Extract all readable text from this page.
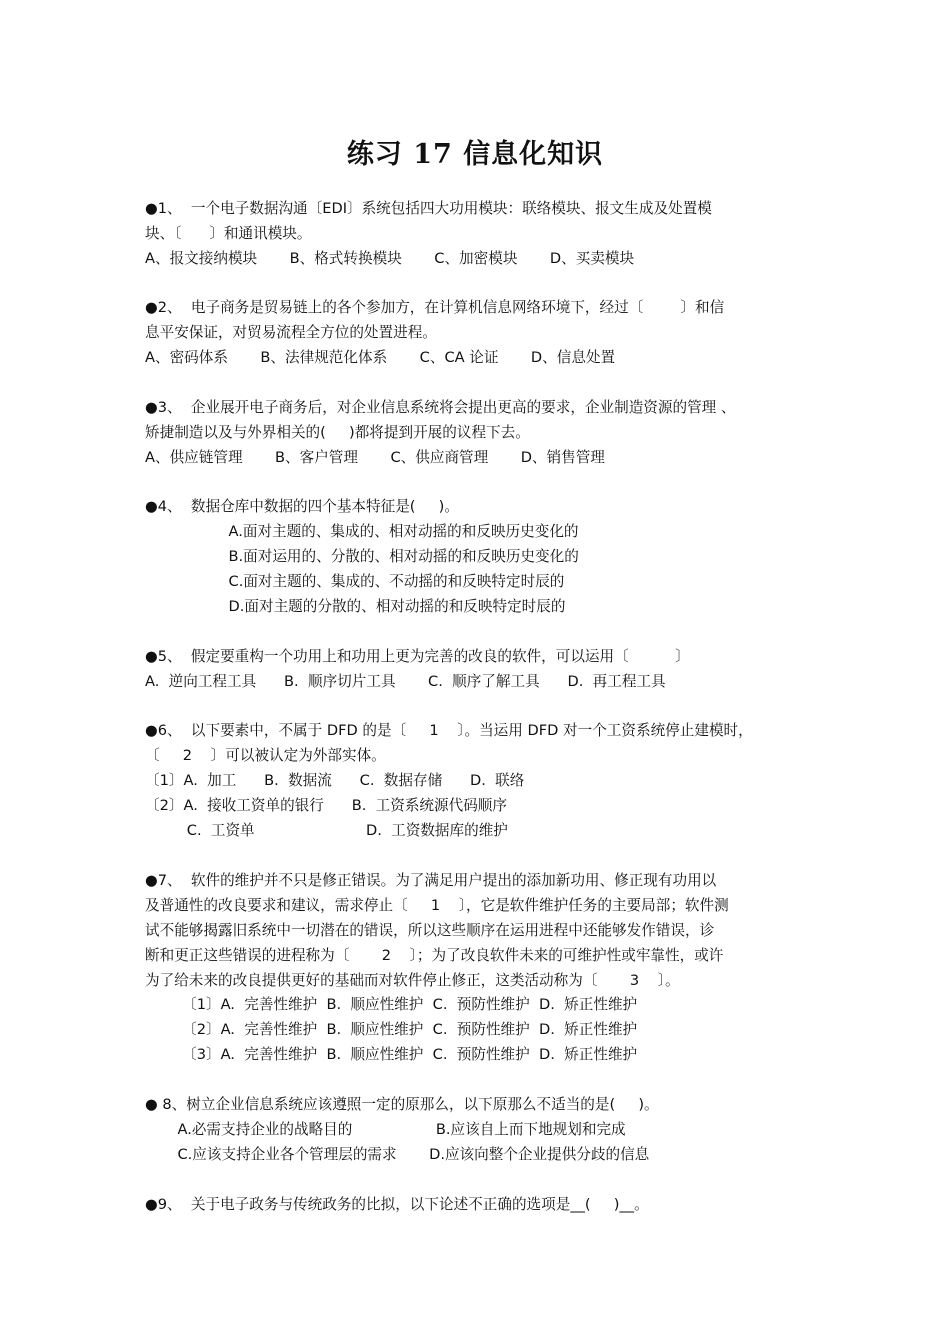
练习 17 信息化知识
●1、  一个电子数据沟通〔EDI〕系统包括四大功用模块：联络模块、报文生成及处置模
块、〔      〕和通讯模块。
A、报文接纳模块       B、格式转换模块       C、加密模块       D、买卖模块
●2、  电子商务是贸易链上的各个参加方，在计算机信息网络环境下，经过〔        〕和信
息平安保证，对贸易流程全方位的处置进程。
A、密码体系       B、法律规范化体系       C、CA 论证       D、信息处置
●3、  企业展开电子商务后，对企业信息系统将会提出更高的要求，企业制造资源的管理 、
矫捷制造以及与外界相关的(     )都将提到开展的议程下去。
A、供应链管理       B、客户管理       C、供应商管理       D、销售管理
●4、  数据仓库中数据的四个基本特征是(     )。
A.面对主题的、集成的、相对动摇的和反映历史变化的
B.面对运用的、分散的、相对动摇的和反映历史变化的
C.面对主题的、集成的、不动摇的和反映特定时辰的
D.面对主题的分散的、相对动摇的和反映特定时辰的
●5、  假定要重构一个功用上和功用上更为完善的改良的软件，可以运用〔          〕
A.  逆向工程工具      B.  顺序切片工具       C.  顺序了解工具      D.  再工程工具
●6、  以下要素中，不属于 DFD 的是〔     1    〕。当运用 DFD 对一个工资系统停止建模时，
〔     2    〕可以被认定为外部实体。
〔1〕A.  加工      B.  数据流      C.  数据存储      D.  联络
〔2〕A.  接收工资单的银行      B.  工资系统源代码顺序
C.  工资单                        D.  工资数据库的维护
●7、  软件的维护并不只是修正错误。为了满足用户提出的添加新功用、修正现有功用以
及普通性的改良要求和建议，需求停止〔     1    〕，它是软件维护任务的主要局部；软件测
试不能够揭露旧系统中一切潜在的错误，所以这些顺序在运用进程中还能够发作错误，诊
断和更正这些错误的进程称为〔       2    〕；为了改良软件未来的可维护性或牢靠性，或许
为了给未来的改良提供更好的基础而对软件停止修正，这类活动称为〔       3    〕。
〔1〕A.  完善性维护  B.  顺应性维护  C.  预防性维护  D.  矫正性维护
〔2〕A.  完善性维护  B.  顺应性维护  C.  预防性维护  D.  矫正性维护
〔3〕A.  完善性维护  B.  顺应性维护  C.  预防性维护  D.  矫正性维护
● 8、树立企业信息系统应该遵照一定的原那么，以下原那么不适当的是(     )。
A.必需支持企业的战略目的                  B.应该自上而下地规划和完成
C.应该支持企业各个管理层的需求       D.应该向整个企业提供分歧的信息
●9、  关于电子政务与传统政务的比拟，以下论述不正确的选项是__(     )__。
